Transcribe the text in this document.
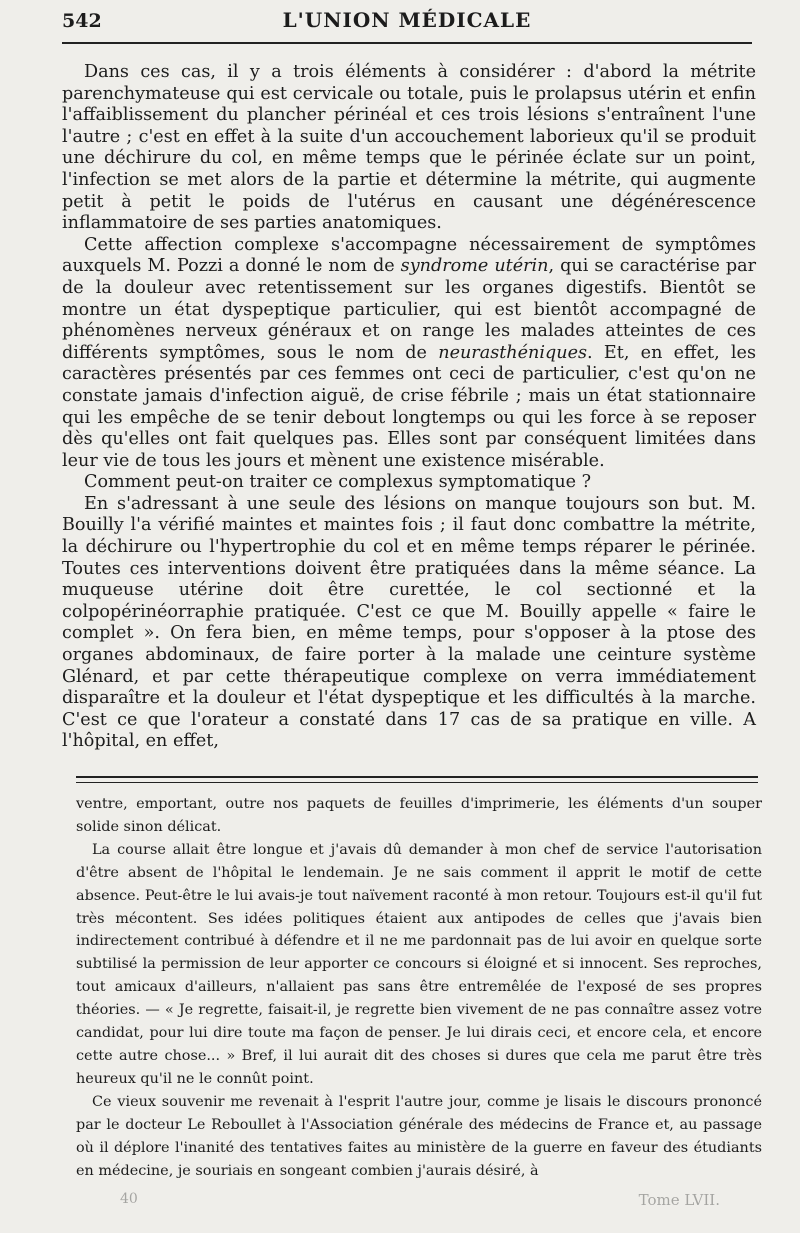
542	L'UNION MÉDICALE

Dans ces cas, il y a trois éléments à considérer : d'abord la métrite parenchymateuse qui est cervicale ou totale, puis le prolapsus utérin et enfin l'affaiblissement du plancher périnéal et ces trois lésions s'entraînent l'une l'autre ; c'est en effet à la suite d'un accouchement laborieux qu'il se produit une déchirure du col, en même temps que le périnée éclate sur un point, l'infection se met alors de la partie et détermine la métrite, qui augmente petit à petit le poids de l'utérus en causant une dégénérescence inflammatoire de ses parties anatomiques.

Cette affection complexe s'accompagne nécessairement de symptômes auxquels M. Pozzi a donné le nom de syndrome utérin, qui se caractérise par de la douleur avec retentissement sur les organes digestifs. Bientôt se montre un état dyspeptique particulier, qui est bientôt accompagné de phénomènes nerveux généraux et on range les malades atteintes de ces différents symptômes, sous le nom de neurasthéniques. Et, en effet, les caractères présentés par ces femmes ont ceci de particulier, c'est qu'on ne constate jamais d'infection aiguë, de crise fébrile ; mais un état stationnaire qui les empêche de se tenir debout longtemps ou qui les force à se reposer dès qu'elles ont fait quelques pas. Elles sont par conséquent limitées dans leur vie de tous les jours et mènent une existence misérable.

Comment peut-on traiter ce complexus symptomatique ?

En s'adressant à une seule des lésions on manque toujours son but. M. Bouilly l'a vérifié maintes et maintes fois ; il faut donc combattre la métrite, la déchirure ou l'hypertrophie du col et en même temps réparer le périnée. Toutes ces interventions doivent être pratiquées dans la même séance. La muqueuse utérine doit être curettée, le col sectionné et la colpopérinéorraphie pratiquée. C'est ce que M. Bouilly appelle « faire le complet ». On fera bien, en même temps, pour s'opposer à la ptose des organes abdominaux, de faire porter à la malade une ceinture système Glénard, et par cette thérapeutique complexe on verra immédiatement disparaître et la douleur et l'état dyspeptique et les difficultés à la marche. C'est ce que l'orateur a constaté dans 17 cas de sa pratique en ville. A l'hôpital, en effet,

ventre, emportant, outre nos paquets de feuilles d'imprimerie, les éléments d'un souper solide sinon délicat.

La course allait être longue et j'avais dû demander à mon chef de service l'autorisation d'être absent de l'hôpital le lendemain. Je ne sais comment il apprit le motif de cette absence. Peut-être le lui avais-je tout naïvement raconté à mon retour. Toujours est-il qu'il fut très mécontent. Ses idées politiques étaient aux antipodes de celles que j'avais bien indirectement contribué à défendre et il ne me pardonnait pas de lui avoir en quelque sorte subtilisé la permission de leur apporter ce concours si éloigné et si innocent. Ses reproches, tout amicaux d'ailleurs, n'allaient pas sans être entremêlée de l'exposé de ses propres théories. — « Je regrette, faisait-il, je regrette bien vivement de ne pas connaître assez votre candidat, pour lui dire toute ma façon de penser. Je lui dirais ceci, et encore cela, et encore cette autre chose... » Bref, il lui aurait dit des choses si dures que cela me parut être très heureux qu'il ne le connût point.

Ce vieux souvenir me revenait à l'esprit l'autre jour, comme je lisais le discours prononcé par le docteur Le Reboullet à l'Association générale des médecins de France et, au passage où il déplore l'inanité des tentatives faites au ministère de la guerre en faveur des étudiants en médecine, je souriais en songeant combien j'aurais désiré, à

40	Tome LVII.
